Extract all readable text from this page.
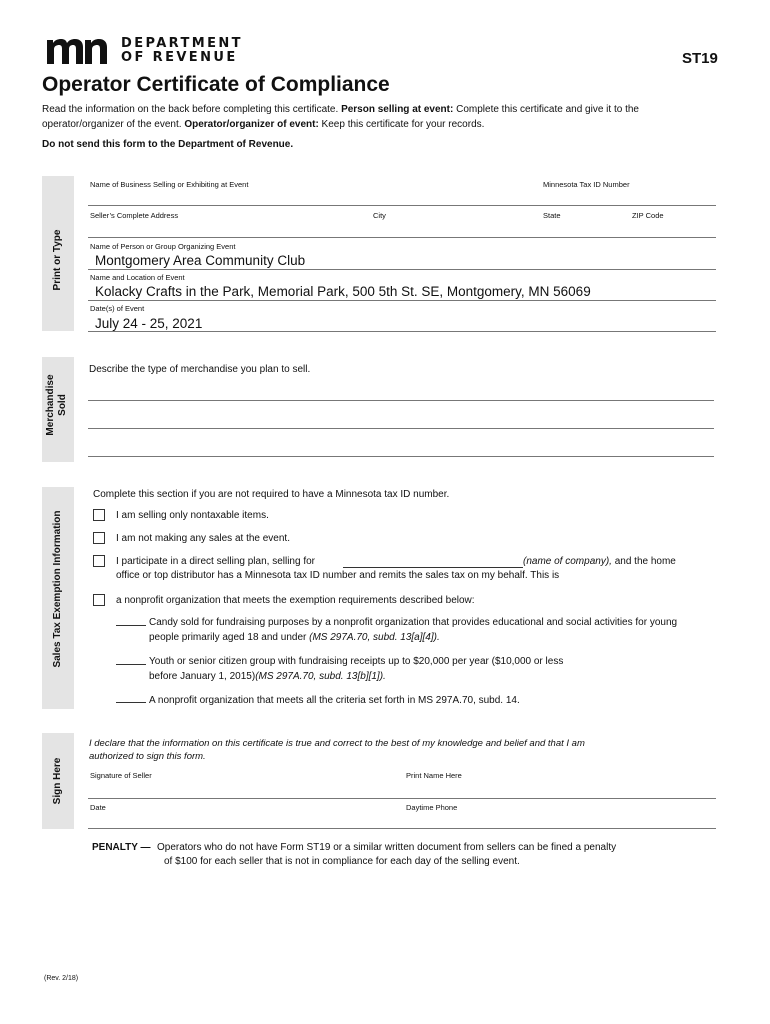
DEPARTMENT
OF REVENUE	ST19
Operator Certificate of Compliance
Read the information on the back before completing this certificate. Person selling at event: Complete this certificate and give it to the operator/organizer of the event. Operator/organizer of event: Keep this certificate for your records.
Do not send this form to the Department of Revenue.
Print or Type
Name of Business Selling or Exhibiting at Event	Minnesota Tax ID Number
Seller’s Complete Address	City	State	ZIP Code
Name of Person or Group Organizing Event
Montgomery Area Community Club
Name and Location of Event
Kolacky Crafts in the Park, Memorial Park, 500 5th St. SE, Montgomery, MN 56069
Date(s) of Event
July 24 - 25, 2021
Merchandise Sold
Describe the type of merchandise you plan to sell.
Sales Tax Exemption Information
Complete this section if you are not required to have a Minnesota tax ID number.
I am selling only nontaxable items.
I am not making any sales at the event.
I participate in a direct selling plan, selling for	(name of company), and the home
office or top distributor has a Minnesota tax ID number and remits the sales tax on my behalf. This is
a nonprofit organization that meets the exemption requirements described below:
Candy sold for fundraising purposes by a nonprofit organization that provides educational and social activities for young
people primarily aged 18 and under (MS 297A.70, subd. 13[a][4]).
Youth or senior citizen group with fundraising receipts up to $20,000 per year ($10,000 or less
before January 1, 2015)(MS 297A.70, subd. 13[b][1]).
A nonprofit organization that meets all the criteria set forth in MS 297A.70, subd. 14.
Sign Here
I declare that the information on this certificate is true and correct to the best of my knowledge and belief and that I am
authorized to sign this form.
Signature of Seller	Print Name Here
Date	Daytime Phone
PENALTY — Operators who do not have Form ST19 or a similar written document from sellers can be fined a penalty
of $100 for each seller that is not in compliance for each day of the selling event.
(Rev. 2/18)
